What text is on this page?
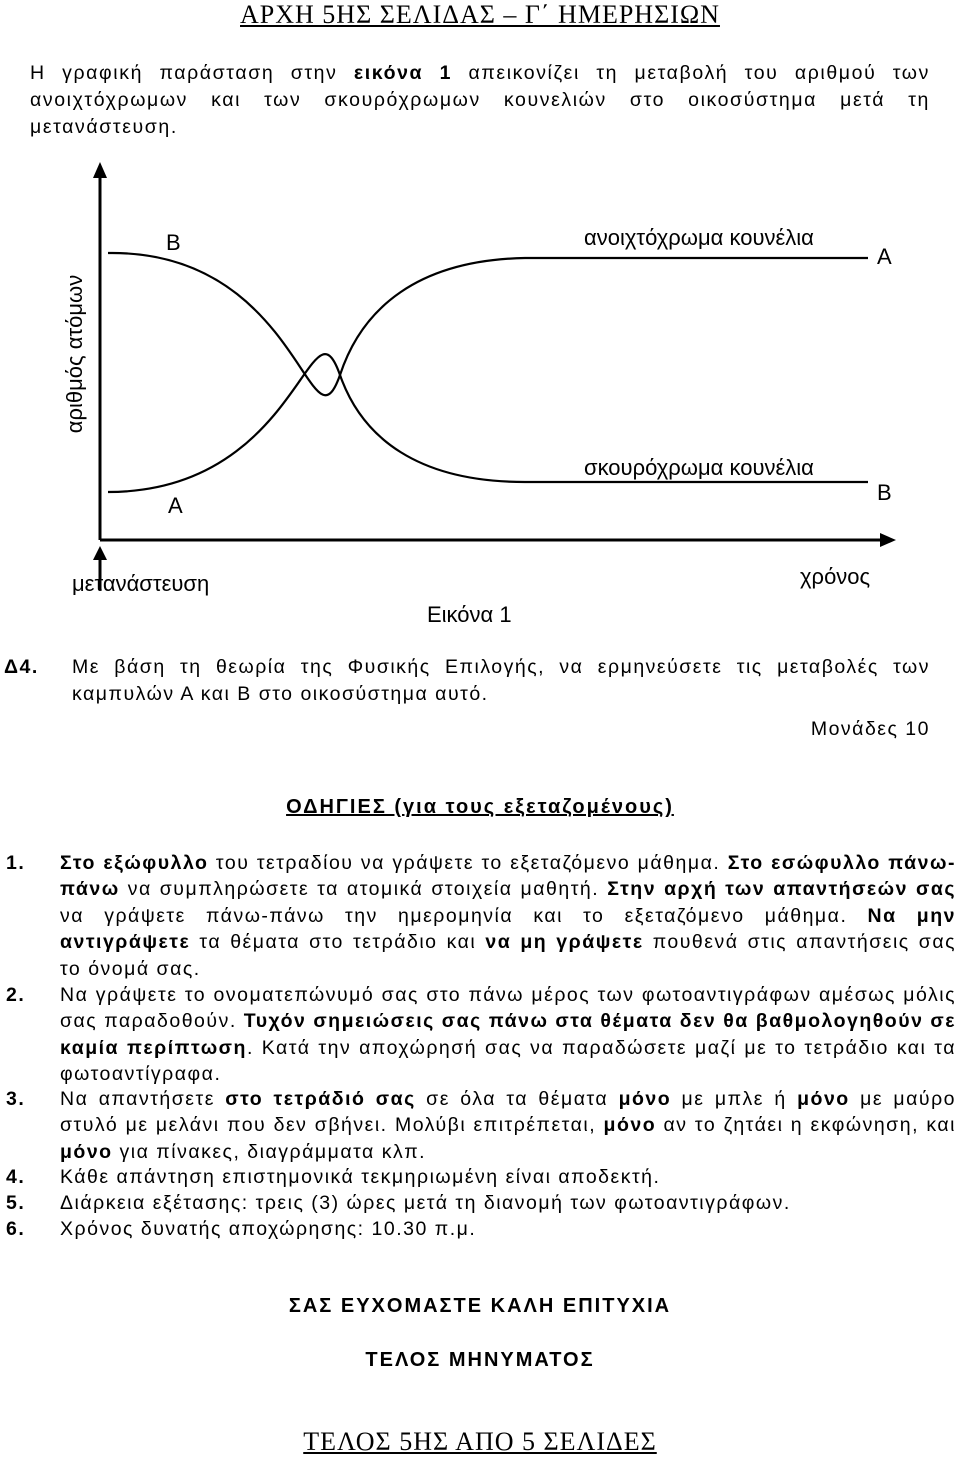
ΑΡΧΗ 5ΗΣ ΣΕΛΙΔΑΣ – Γ΄ ΗΜΕΡΗΣΙΩΝ
Η γραφική παράσταση στην εικόνα 1 απεικονίζει τη μεταβολή του αριθμού των ανοιχτόχρωμων και των σκουρόχρωμων κουνελιών στο οικοσύστημα μετά τη μετανάστευση.
αριθμός ατόμων
Β	ανοιχτόχρωμα κουνέλια
Α
Α
σκουρόχρωμα κουνέλια
Β
μετανάστευση	χρόνος
Εικόνα 1
Δ4. Με βάση τη θεωρία της Φυσικής Επιλογής, να ερμηνεύσετε τις μεταβολές των καμπυλών Α και Β στο οικοσύστημα αυτό.
Μονάδες 10
ΟΔΗΓΙΕΣ (για τους εξεταζομένους)
1. Στο εξώφυλλο του τετραδίου να γράψετε το εξεταζόμενο μάθημα. Στο εσώφυλλο πάνω-πάνω να συμπληρώσετε τα ατομικά στοιχεία μαθητή. Στην αρχή των απαντήσεών σας να γράψετε πάνω-πάνω την ημερομηνία και το εξεταζόμενο μάθημα. Να μην αντιγράψετε τα θέματα στο τετράδιο και να μη γράψετε πουθενά στις απαντήσεις σας το όνομά σας.
2. Να γράψετε το ονοματεπώνυμό σας στο πάνω μέρος των φωτοαντιγράφων αμέσως μόλις σας παραδοθούν. Τυχόν σημειώσεις σας πάνω στα θέματα δεν θα βαθμολογηθούν σε καμία περίπτωση. Κατά την αποχώρησή σας να παραδώσετε μαζί με το τετράδιο και τα φωτοαντίγραφα.
3. Να απαντήσετε στο τετράδιό σας σε όλα τα θέματα μόνο με μπλε ή μόνο με μαύρο στυλό με μελάνι που δεν σβήνει. Μολύβι επιτρέπεται, μόνο αν το ζητάει η εκφώνηση, και μόνο για πίνακες, διαγράμματα κλπ.
4. Κάθε απάντηση επιστημονικά τεκμηριωμένη είναι αποδεκτή.
5. Διάρκεια εξέτασης: τρεις (3) ώρες μετά τη διανομή των φωτοαντιγράφων.
6. Χρόνος δυνατής αποχώρησης: 10.30 π.μ.
ΣΑΣ ΕΥΧΟΜΑΣΤΕ ΚΑΛΗ ΕΠΙΤΥΧΙΑ
ΤΕΛΟΣ ΜΗΝΥΜΑΤΟΣ
ΤΕΛΟΣ 5ΗΣ ΑΠΟ 5 ΣΕΛΙΔΕΣ
